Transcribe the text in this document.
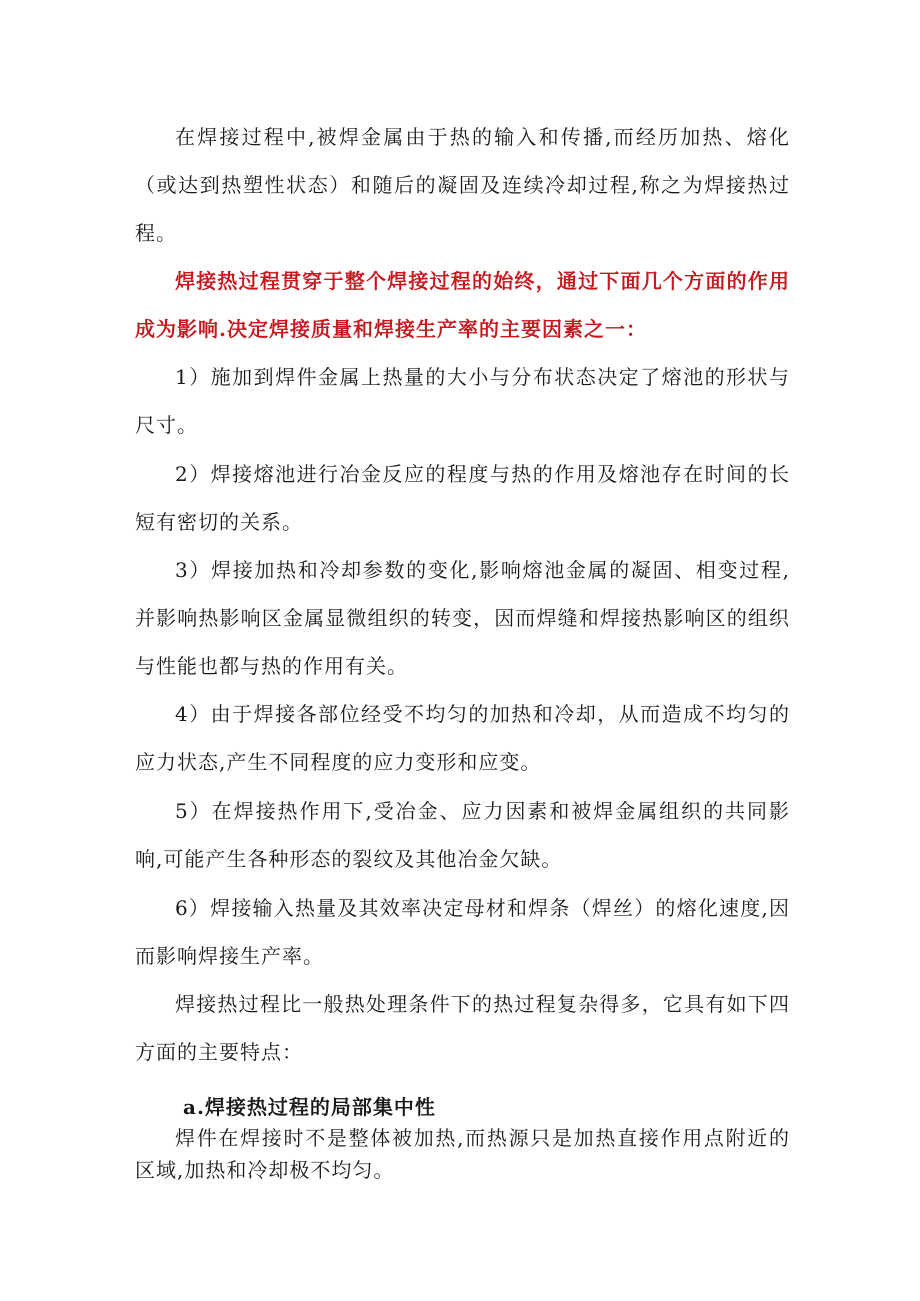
在焊接过程中,被焊金属由于热的输入和传播,而经历加热、熔化（或达到热塑性状态）和随后的凝固及连续冷却过程,称之为焊接热过程。

焊接热过程贯穿于整个焊接过程的始终，通过下面几个方面的作用成为影响.决定焊接质量和焊接生产率的主要因素之一：

1）施加到焊件金属上热量的大小与分布状态决定了熔池的形状与尺寸。

2）焊接熔池进行冶金反应的程度与热的作用及熔池存在时间的长短有密切的关系。

3）焊接加热和冷却参数的变化,影响熔池金属的凝固、相变过程,并影响热影响区金属显微组织的转变，因而焊缝和焊接热影响区的组织与性能也都与热的作用有关。

4）由于焊接各部位经受不均匀的加热和冷却，从而造成不均匀的应力状态,产生不同程度的应力变形和应变。

5）在焊接热作用下,受冶金、应力因素和被焊金属组织的共同影响,可能产生各种形态的裂纹及其他冶金欠缺。

6）焊接输入热量及其效率决定母材和焊条（焊丝）的熔化速度,因而影响焊接生产率。

焊接热过程比一般热处理条件下的热过程复杂得多，它具有如下四方面的主要特点：

a.焊接热过程的局部集中性

焊件在焊接时不是整体被加热,而热源只是加热直接作用点附近的区域,加热和冷却极不均匀。
